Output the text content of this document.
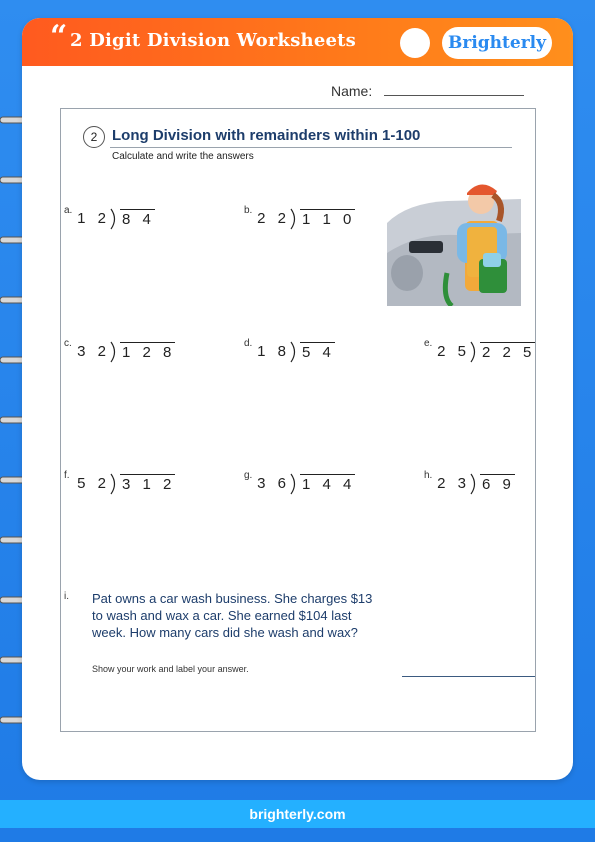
“ 2 Digit Division Worksheets	Brighterly
Name:
2 Long Division with remainders within 1-100
Calculate and write the answers
a. 1 2 8 4
b. 2 2 1 1 0
c. 3 2 1 2 8
d. 1 8 5 4
e. 2 5 2 2 5
f. 5 2 3 1 2
g. 3 6 1 4 4
h. 2 3 6 9
i. Pat owns a car wash business. She charges $13 to wash and wax a car. She earned $104 last week. How many cars did she wash and wax?

Show your work and label your answer.
brighterly.com
